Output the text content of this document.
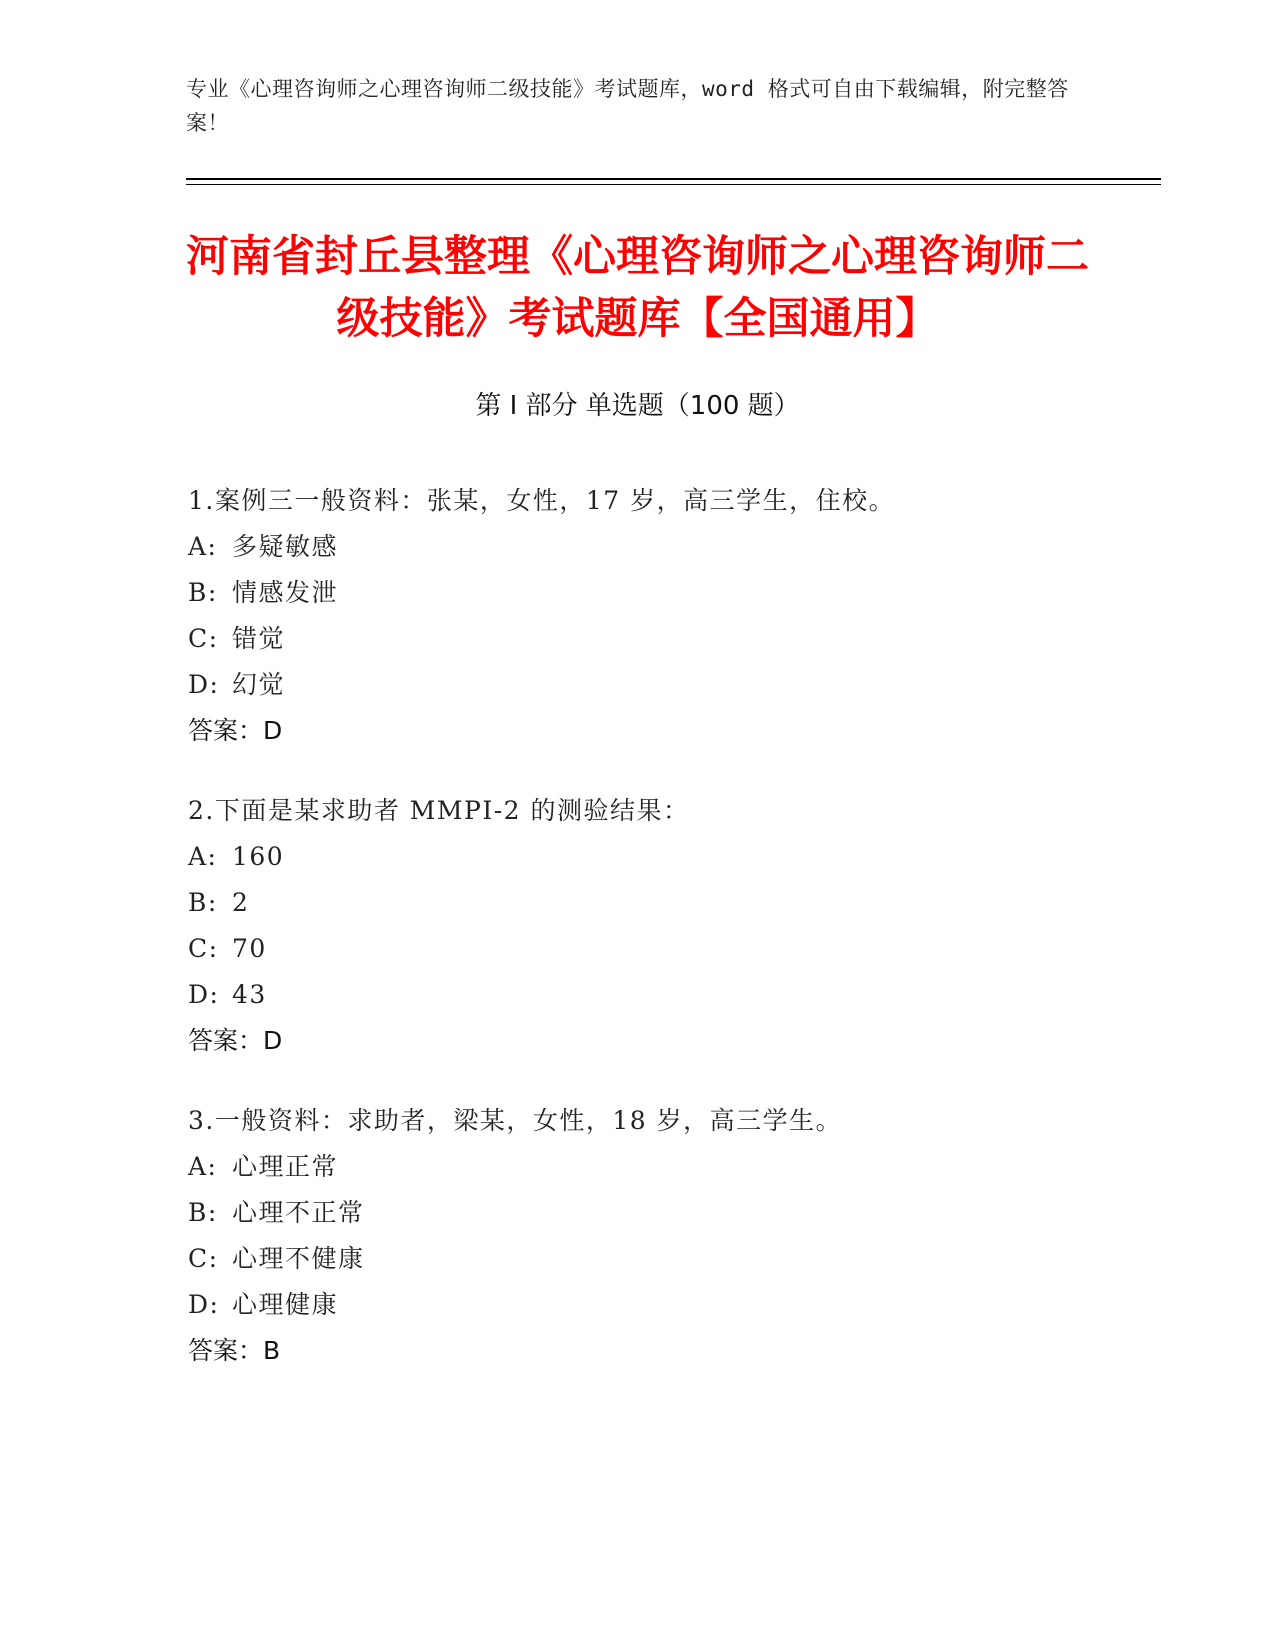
专业《心理咨询师之心理咨询师二级技能》考试题库，word 格式可自由下载编辑，附完整答案！
河南省封丘县整理《心理咨询师之心理咨询师二级技能》考试题库【全国通用】
第 I 部分 单选题（100 题）
1.案例三一般资料：张某，女性，17 岁，高三学生，住校。
A: 多疑敏感
B: 情感发泄
C: 错觉
D: 幻觉
答案：D
2.下面是某求助者 MMPI-2 的测验结果：
A: 160
B: 2
C: 70
D: 43
答案：D
3.一般资料：求助者，梁某，女性，18 岁，高三学生。
A: 心理正常
B: 心理不正常
C: 心理不健康
D: 心理健康
答案：B
